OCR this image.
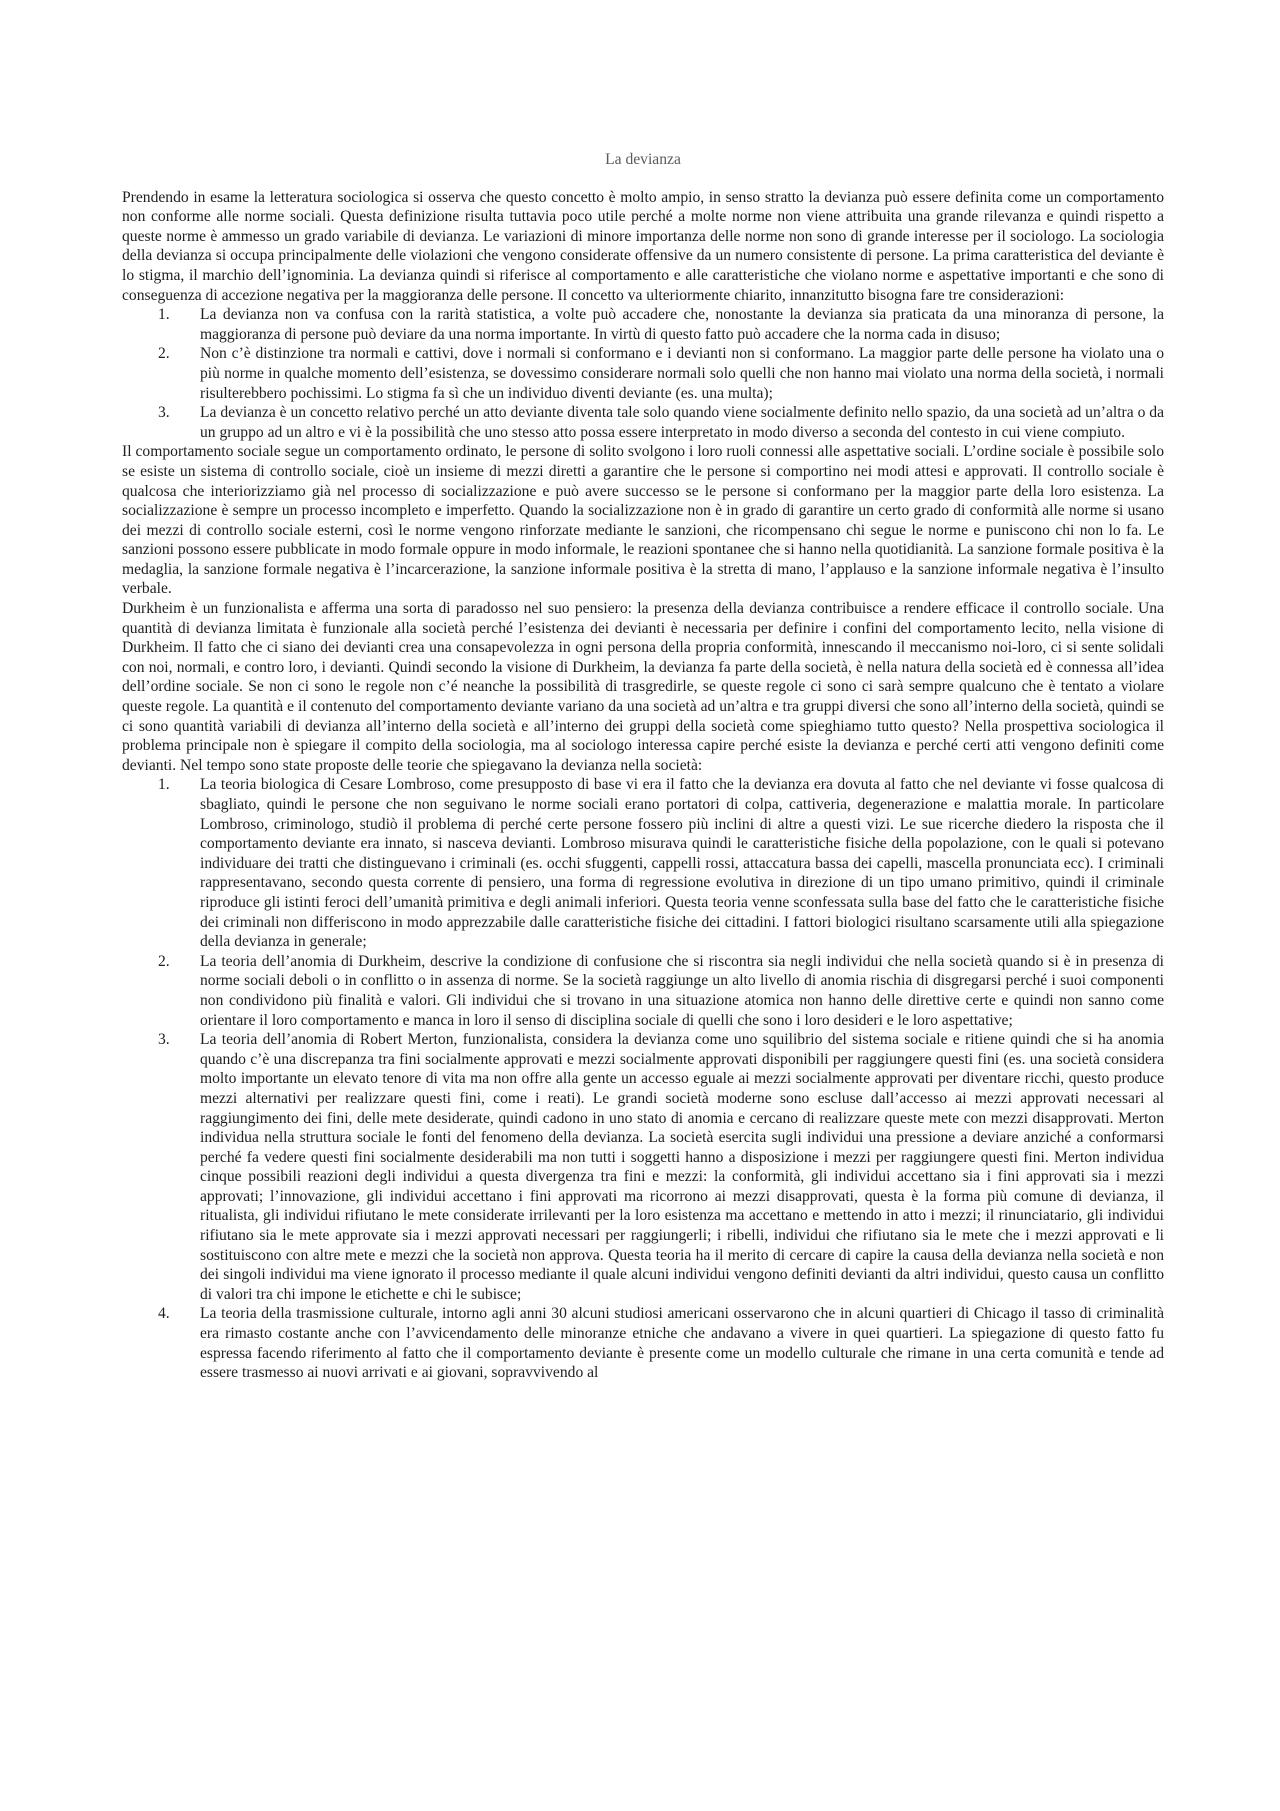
La devianza

Prendendo in esame la letteratura sociologica si osserva che questo concetto è molto ampio, in senso stratto la devianza può essere definita come un comportamento non conforme alle norme sociali. Questa definizione risulta tuttavia poco utile perché a molte norme non viene attribuita una grande rilevanza e quindi rispetto a queste norme è ammesso un grado variabile di devianza. Le variazioni di minore importanza delle norme non sono di grande interesse per il sociologo. La sociologia della devianza si occupa principalmente delle violazioni che vengono considerate offensive da un numero consistente di persone. La prima caratteristica del deviante è lo stigma, il marchio dell’ignominia. La devianza quindi si riferisce al comportamento e alle caratteristiche che violano norme e aspettative importanti e che sono di conseguenza di accezione negativa per la maggioranza delle persone. Il concetto va ulteriormente chiarito, innanzitutto bisogna fare tre considerazioni:

1. La devianza non va confusa con la rarità statistica, a volte può accadere che, nonostante la devianza sia praticata da una minoranza di persone, la maggioranza di persone può deviare da una norma importante. In virtù di questo fatto può accadere che la norma cada in disuso;
2. Non c’è distinzione tra normali e cattivi, dove i normali si conformano e i devianti non si conformano. La maggior parte delle persone ha violato una o più norme in qualche momento dell’esistenza, se dovessimo considerare normali solo quelli che non hanno mai violato una norma della società, i normali risulterebbero pochissimi. Lo stigma fa sì che un individuo diventi deviante (es. una multa);
3. La devianza è un concetto relativo perché un atto deviante diventa tale solo quando viene socialmente definito nello spazio, da una società ad un’altra o da un gruppo ad un altro e vi è la possibilità che uno stesso atto possa essere interpretato in modo diverso a seconda del contesto in cui viene compiuto.

Il comportamento sociale segue un comportamento ordinato, le persone di solito svolgono i loro ruoli connessi alle aspettative sociali. L’ordine sociale è possibile solo se esiste un sistema di controllo sociale, cioè un insieme di mezzi diretti a garantire che le persone si comportino nei modi attesi e approvati. Il controllo sociale è qualcosa che interiorizziamo già nel processo di socializzazione e può avere successo se le persone si conformano per la maggior parte della loro esistenza. La socializzazione è sempre un processo incompleto e imperfetto. Quando la socializzazione non è in grado di garantire un certo grado di conformità alle norme si usano dei mezzi di controllo sociale esterni, così le norme vengono rinforzate mediante le sanzioni, che ricompensano chi segue le norme e puniscono chi non lo fa. Le sanzioni possono essere pubblicate in modo formale oppure in modo informale, le reazioni spontanee che si hanno nella quotidianità. La sanzione formale positiva è la medaglia, la sanzione formale negativa è l’incarcerazione, la sanzione informale positiva è la stretta di mano, l’applauso e la sanzione informale negativa è l’insulto verbale.

Durkheim è un funzionalista e afferma una sorta di paradosso nel suo pensiero: la presenza della devianza contribuisce a rendere efficace il controllo sociale. Una quantità di devianza limitata è funzionale alla società perché l’esistenza dei devianti è necessaria per definire i confini del comportamento lecito, nella visione di Durkheim. Il fatto che ci siano dei devianti crea una consapevolezza in ogni persona della propria conformità, innescando il meccanismo noi-loro, ci si sente solidali con noi, normali, e contro loro, i devianti. Quindi secondo la visione di Durkheim, la devianza fa parte della società, è nella natura della società ed è connessa all’idea dell’ordine sociale. Se non ci sono le regole non c’é neanche la possibilità di trasgredirle, se queste regole ci sono ci sarà sempre qualcuno che è tentato a violare queste regole. La quantità e il contenuto del comportamento deviante variano da una società ad un’altra e tra gruppi diversi che sono all’interno della società, quindi se ci sono quantità variabili di devianza all’interno della società e all’interno dei gruppi della società come spieghiamo tutto questo? Nella prospettiva sociologica il problema principale non è spiegare il compito della sociologia, ma al sociologo interessa capire perché esiste la devianza e perché certi atti vengono definiti come devianti. Nel tempo sono state proposte delle teorie che spiegavano la devianza nella società:

1. La teoria biologica di Cesare Lombroso, come presupposto di base vi era il fatto che la devianza era dovuta al fatto che nel deviante vi fosse qualcosa di sbagliato, quindi le persone che non seguivano le norme sociali erano portatori di colpa, cattiveria, degenerazione e malattia morale. In particolare Lombroso, criminologo, studiò il problema di perché certe persone fossero più inclini di altre a questi vizi. Le sue ricerche diedero la risposta che il comportamento deviante era innato, si nasceva devianti. Lombroso misurava quindi le caratteristiche fisiche della popolazione, con le quali si potevano individuare dei tratti che distinguevano i criminali (es. occhi sfuggenti, cappelli rossi, attaccatura bassa dei capelli, mascella pronunciata ecc). I criminali rappresentavano, secondo questa corrente di pensiero, una forma di regressione evolutiva in direzione di un tipo umano primitivo, quindi il criminale riproduce gli istinti feroci dell’umanità primitiva e degli animali inferiori. Questa teoria venne sconfessata sulla base del fatto che le caratteristiche fisiche dei criminali non differiscono in modo apprezzabile dalle caratteristiche fisiche dei cittadini. I fattori biologici risultano scarsamente utili alla spiegazione della devianza in generale;
2. La teoria dell’anomia di Durkheim, descrive la condizione di confusione che si riscontra sia negli individui che nella società quando si è in presenza di norme sociali deboli o in conflitto o in assenza di norme. Se la società raggiunge un alto livello di anomia rischia di disgregarsi perché i suoi componenti non condividono più finalità e valori. Gli individui che si trovano in una situazione atomica non hanno delle direttive certe e quindi non sanno come orientare il loro comportamento e manca in loro il senso di disciplina sociale di quelli che sono i loro desideri e le loro aspettative;
3. La teoria dell’anomia di Robert Merton, funzionalista, considera la devianza come uno squilibrio del sistema sociale e ritiene quindi che si ha anomia quando c’è una discrepanza tra fini socialmente approvati e mezzi socialmente approvati disponibili per raggiungere questi fini (es. una società considera molto importante un elevato tenore di vita ma non offre alla gente un accesso eguale ai mezzi socialmente approvati per diventare ricchi, questo produce mezzi alternativi per realizzare questi fini, come i reati). Le grandi società moderne sono escluse dall’accesso ai mezzi approvati necessari al raggiungimento dei fini, delle mete desiderate, quindi cadono in uno stato di anomia e cercano di realizzare queste mete con mezzi disapprovati. Merton individua nella struttura sociale le fonti del fenomeno della devianza. La società esercita sugli individui una pressione a deviare anziché a conformarsi perché fa vedere questi fini socialmente desiderabili ma non tutti i soggetti hanno a disposizione i mezzi per raggiungere questi fini. Merton individua cinque possibili reazioni degli individui a questa divergenza tra fini e mezzi: la conformità, gli individui accettano sia i fini approvati sia i mezzi approvati; l’innovazione, gli individui accettano i fini approvati ma ricorrono ai mezzi disapprovati, questa è la forma più comune di devianza, il ritualista, gli individui rifiutano le mete considerate irrilevanti per la loro esistenza ma accettano e mettendo in atto i mezzi; il rinunciatario, gli individui rifiutano sia le mete approvate sia i mezzi approvati necessari per raggiungerli; i ribelli, individui che rifiutano sia le mete che i mezzi approvati e li sostituiscono con altre mete e mezzi che la società non approva. Questa teoria ha il merito di cercare di capire la causa della devianza nella società e non dei singoli individui ma viene ignorato il processo mediante il quale alcuni individui vengono definiti devianti da altri individui, questo causa un conflitto di valori tra chi impone le etichette e chi le subisce;
4. La teoria della trasmissione culturale, intorno agli anni 30 alcuni studiosi americani osservarono che in alcuni quartieri di Chicago il tasso di criminalità era rimasto costante anche con l’avvicendamento delle minoranze etniche che andavano a vivere in quei quartieri. La spiegazione di questo fatto fu espressa facendo riferimento al fatto che il comportamento deviante è presente come un modello culturale che rimane in una certa comunità e tende ad essere trasmesso ai nuovi arrivati e ai giovani, sopravvivendo al
